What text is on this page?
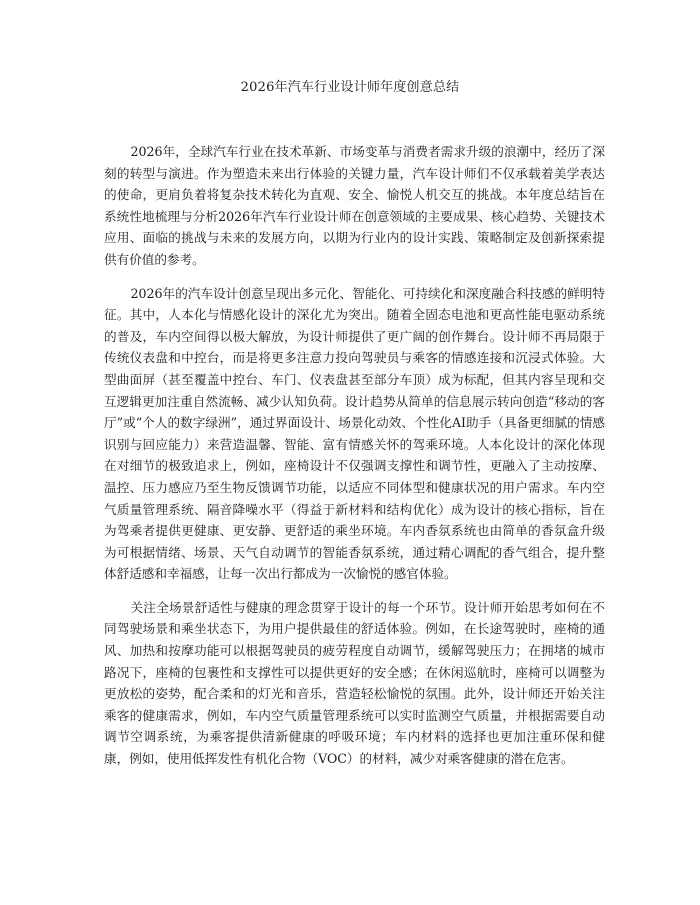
2026年汽车行业设计师年度创意总结

2026年，全球汽车行业在技术革新、市场变革与消费者需求升级的浪潮中，经历了深刻的转型与演进。作为塑造未来出行体验的关键力量，汽车设计师们不仅承载着美学表达的使命，更肩负着将复杂技术转化为直观、安全、愉悦人机交互的挑战。本年度总结旨在系统性地梳理与分析2026年汽车行业设计师在创意领域的主要成果、核心趋势、关键技术应用、面临的挑战与未来的发展方向，以期为行业内的设计实践、策略制定及创新探索提供有价值的参考。

2026年的汽车设计创意呈现出多元化、智能化、可持续化和深度融合科技感的鲜明特征。其中，人本化与情感化设计的深化尤为突出。随着全固态电池和更高性能电驱动系统的普及，车内空间得以极大解放，为设计师提供了更广阔的创作舞台。设计师不再局限于传统仪表盘和中控台，而是将更多注意力投向驾驶员与乘客的情感连接和沉浸式体验。大型曲面屏（甚至覆盖中控台、车门、仪表盘甚至部分车顶）成为标配，但其内容呈现和交互逻辑更加注重自然流畅、减少认知负荷。设计趋势从简单的信息展示转向创造“移动的客厅”或“个人的数字绿洲”，通过界面设计、场景化动效、个性化AI助手（具备更细腻的情感识别与回应能力）来营造温馨、智能、富有情感关怀的驾乘环境。人本化设计的深化体现在对细节的极致追求上，例如，座椅设计不仅强调支撑性和调节性，更融入了主动按摩、温控、压力感应乃至生物反馈调节功能，以适应不同体型和健康状况的用户需求。车内空气质量管理系统、隔音降噪水平（得益于新材料和结构优化）成为设计的核心指标，旨在为驾乘者提供更健康、更安静、更舒适的乘坐环境。车内香氛系统也由简单的香氛盒升级为可根据情绪、场景、天气自动调节的智能香氛系统，通过精心调配的香气组合，提升整体舒适感和幸福感，让每一次出行都成为一次愉悦的感官体验。

关注全场景舒适性与健康的理念贯穿于设计的每一个环节。设计师开始思考如何在不同驾驶场景和乘坐状态下，为用户提供最佳的舒适体验。例如，在长途驾驶时，座椅的通风、加热和按摩功能可以根据驾驶员的疲劳程度自动调节，缓解驾驶压力；在拥堵的城市路况下，座椅的包裹性和支撑性可以提供更好的安全感；在休闲巡航时，座椅可以调整为更放松的姿势，配合柔和的灯光和音乐，营造轻松愉悦的氛围。此外，设计师还开始关注乘客的健康需求，例如，车内空气质量管理系统可以实时监测空气质量，并根据需要自动调节空调系统，为乘客提供清新健康的呼吸环境；车内材料的选择也更加注重环保和健康，例如，使用低挥发性有机化合物（VOC）的材料，减少对乘客健康的潜在危害。
